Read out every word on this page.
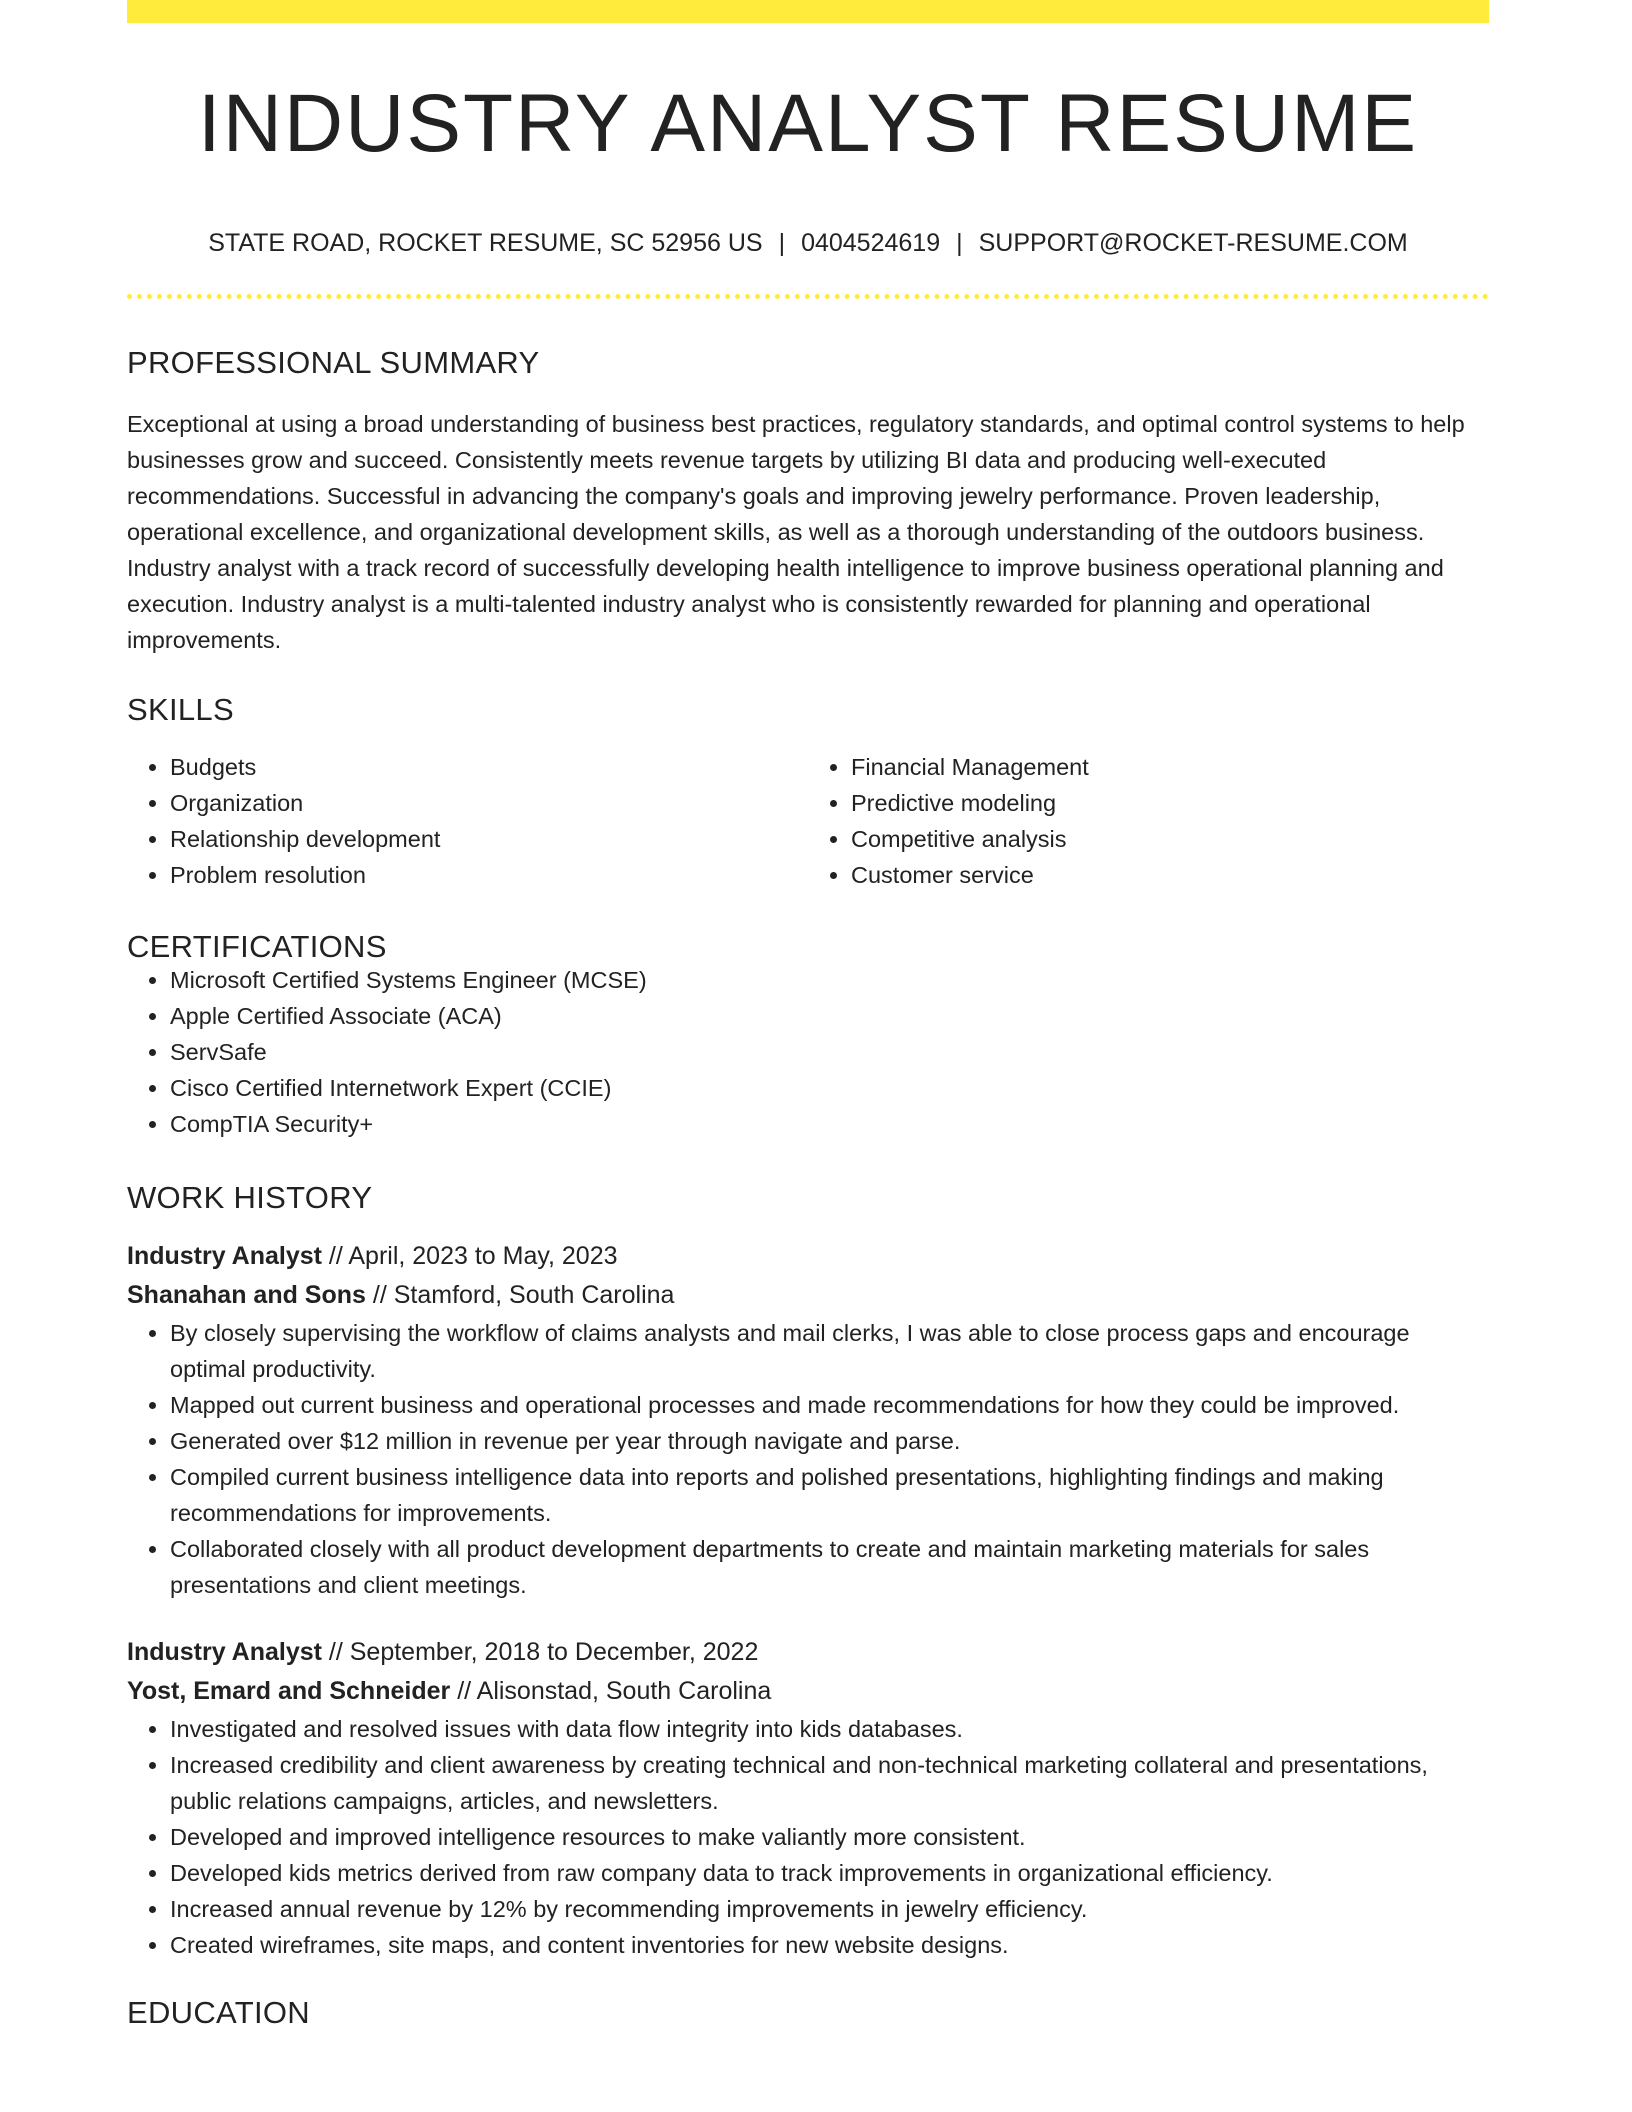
INDUSTRY ANALYST RESUME
STATE ROAD, ROCKET RESUME, SC 52956 US | 0404524619 | SUPPORT@ROCKET-RESUME.COM
PROFESSIONAL SUMMARY
Exceptional at using a broad understanding of business best practices, regulatory standards, and optimal control systems to help businesses grow and succeed. Consistently meets revenue targets by utilizing BI data and producing well-executed recommendations. Successful in advancing the company's goals and improving jewelry performance. Proven leadership, operational excellence, and organizational development skills, as well as a thorough understanding of the outdoors business. Industry analyst with a track record of successfully developing health intelligence to improve business operational planning and execution. Industry analyst is a multi-talented industry analyst who is consistently rewarded for planning and operational improvements.
SKILLS
• Budgets
• Organization
• Relationship development
• Problem resolution
• Financial Management
• Predictive modeling
• Competitive analysis
• Customer service
CERTIFICATIONS
• Microsoft Certified Systems Engineer (MCSE)
• Apple Certified Associate (ACA)
• ServSafe
• Cisco Certified Internetwork Expert (CCIE)
• CompTIA Security+
WORK HISTORY
Industry Analyst // April, 2023 to May, 2023
Shanahan and Sons // Stamford, South Carolina
• By closely supervising the workflow of claims analysts and mail clerks, I was able to close process gaps and encourage optimal productivity.
• Mapped out current business and operational processes and made recommendations for how they could be improved.
• Generated over $12 million in revenue per year through navigate and parse.
• Compiled current business intelligence data into reports and polished presentations, highlighting findings and making recommendations for improvements.
• Collaborated closely with all product development departments to create and maintain marketing materials for sales presentations and client meetings.
Industry Analyst // September, 2018 to December, 2022
Yost, Emard and Schneider // Alisonstad, South Carolina
• Investigated and resolved issues with data flow integrity into kids databases.
• Increased credibility and client awareness by creating technical and non-technical marketing collateral and presentations, public relations campaigns, articles, and newsletters.
• Developed and improved intelligence resources to make valiantly more consistent.
• Developed kids metrics derived from raw company data to track improvements in organizational efficiency.
• Increased annual revenue by 12% by recommending improvements in jewelry efficiency.
• Created wireframes, site maps, and content inventories for new website designs.
EDUCATION
